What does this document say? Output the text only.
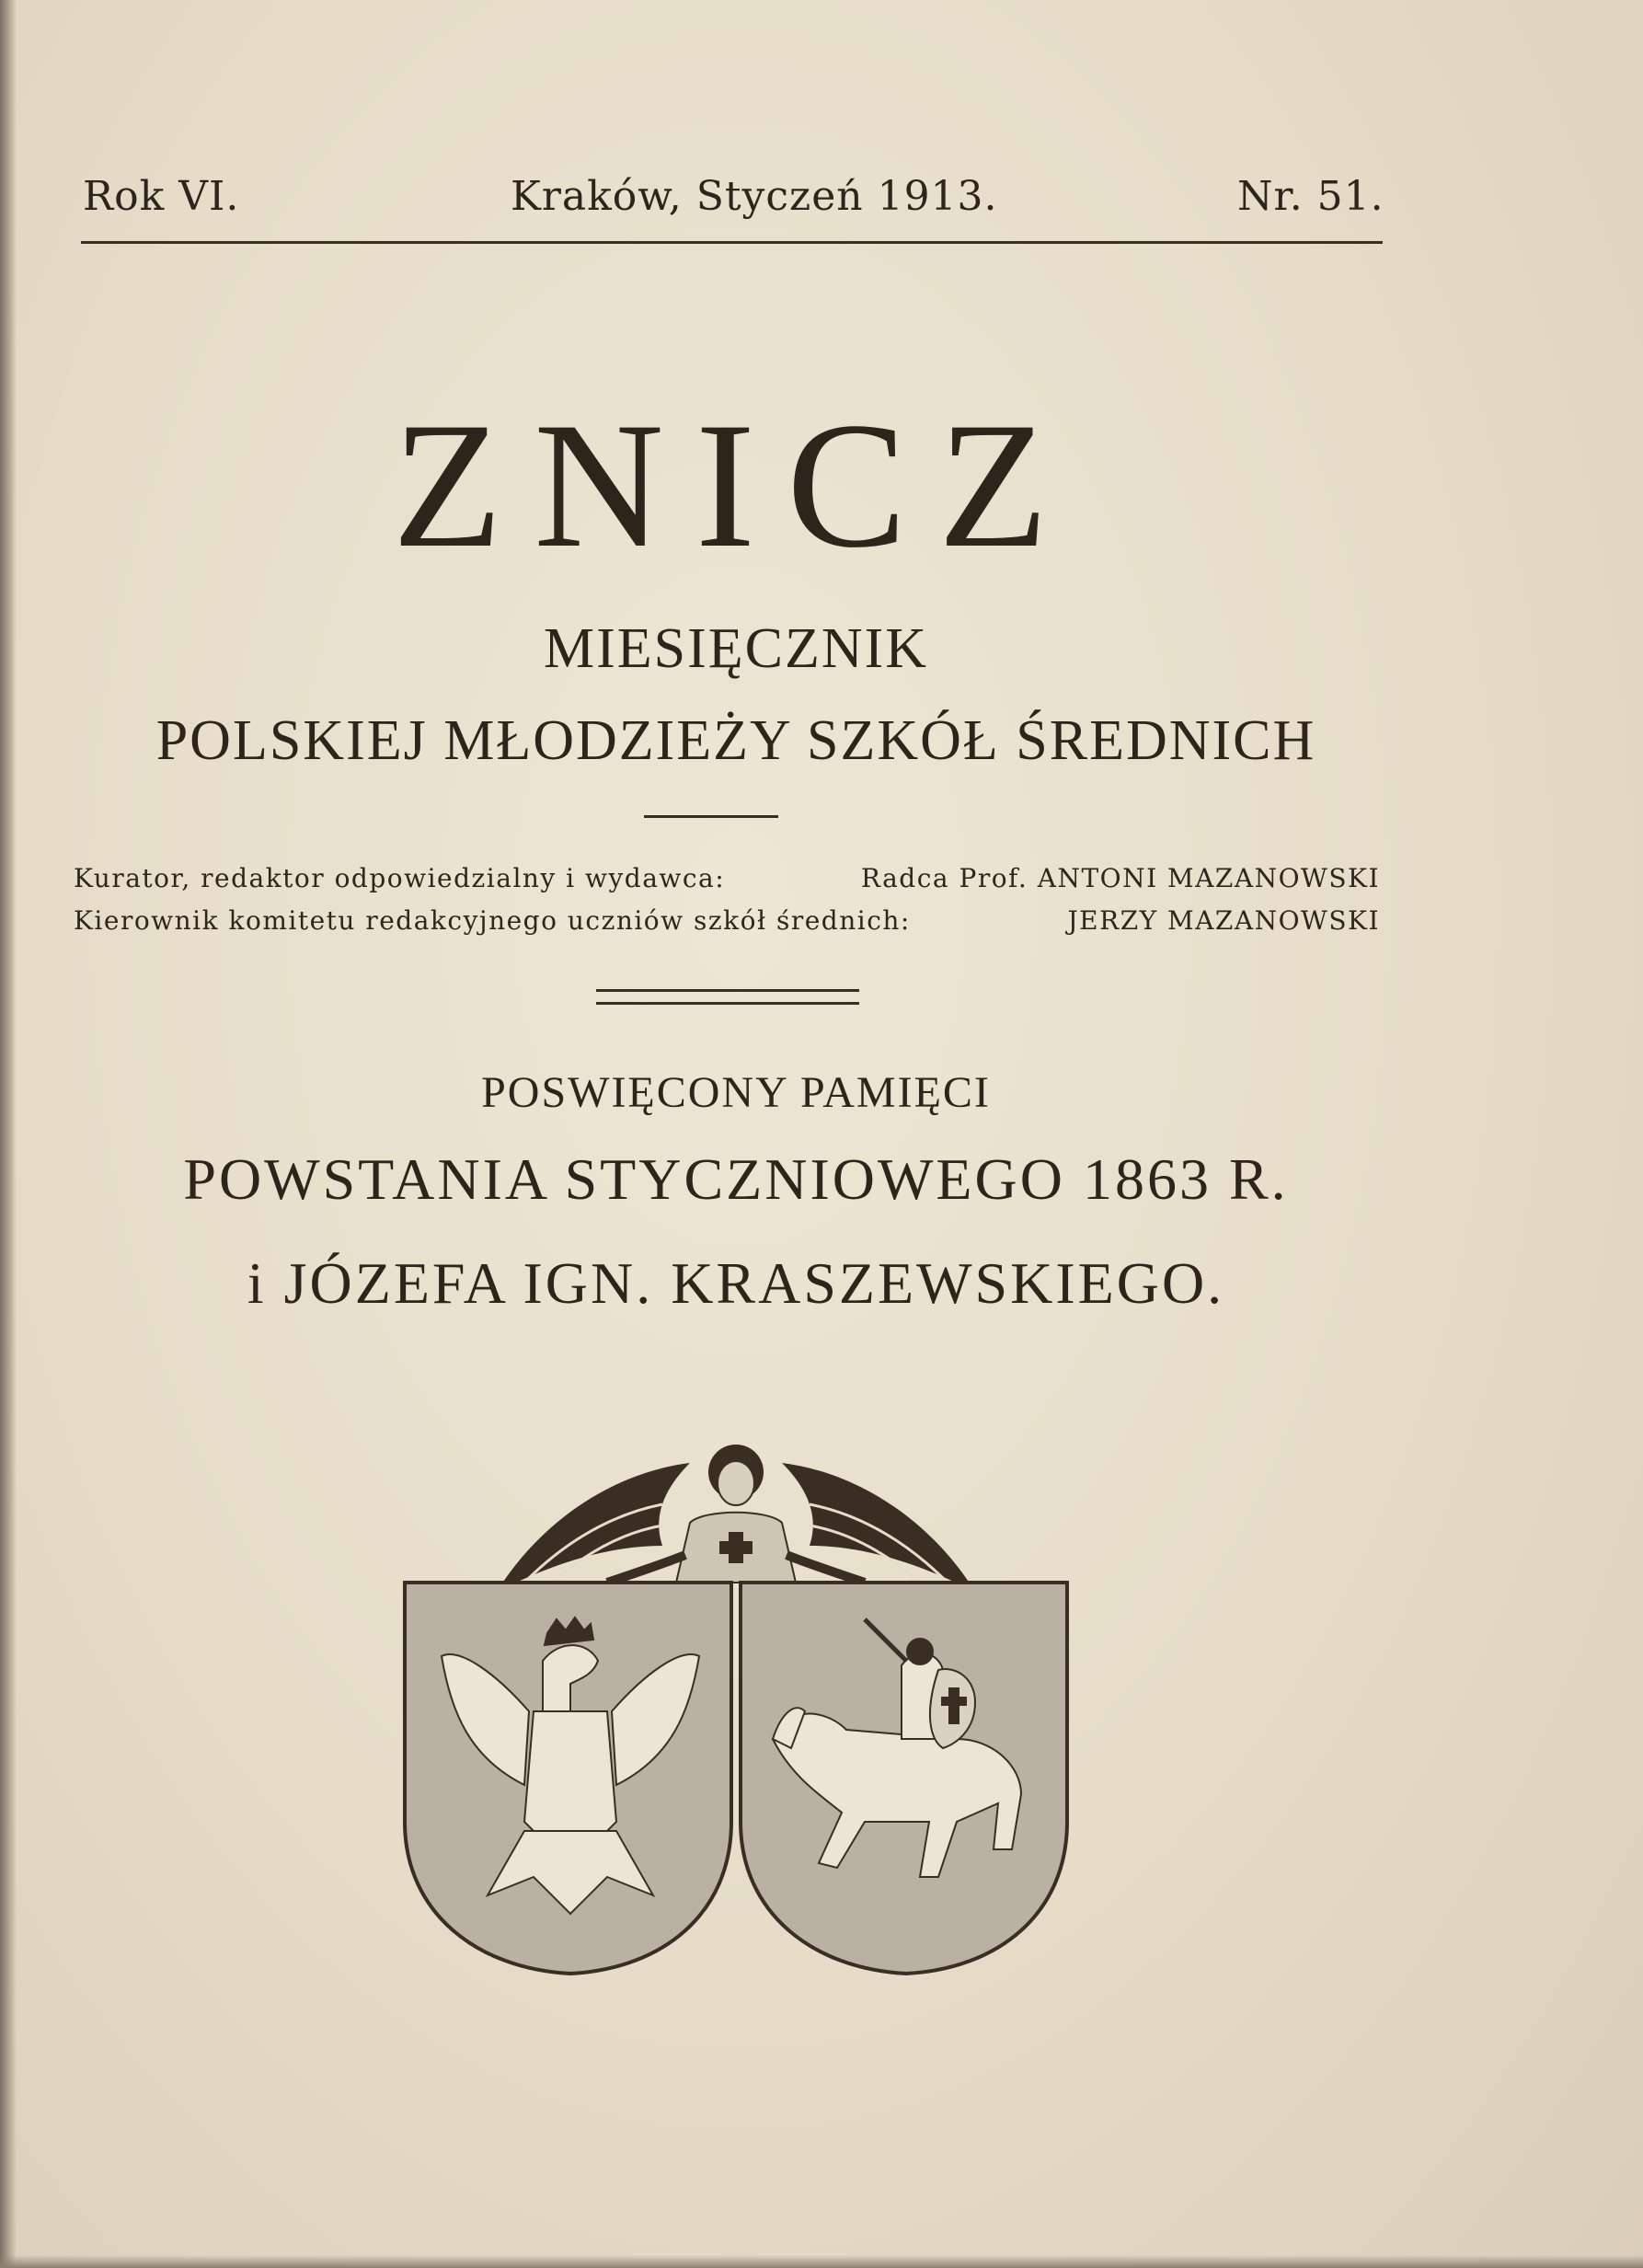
Rok VI.	Kraków, Styczeń 1913.	Nr. 51.
ZNICZ
MIESIĘCZNIK
POLSKIEJ MŁODZIEŻY SZKÓŁ ŚREDNICH
Kurator, redaktor odpowiedzialny i wydawca:	Radca Prof. ANTONI MAZANOWSKI
Kierownik komitetu redakcyjnego uczniów szkół średnich:	JERZY MAZANOWSKI
POSWIĘCONY PAMIĘCI
POWSTANIA STYCZNIOWEGO 1863 R.
i JÓZEFA IGN. KRASZEWSKIEGO.
